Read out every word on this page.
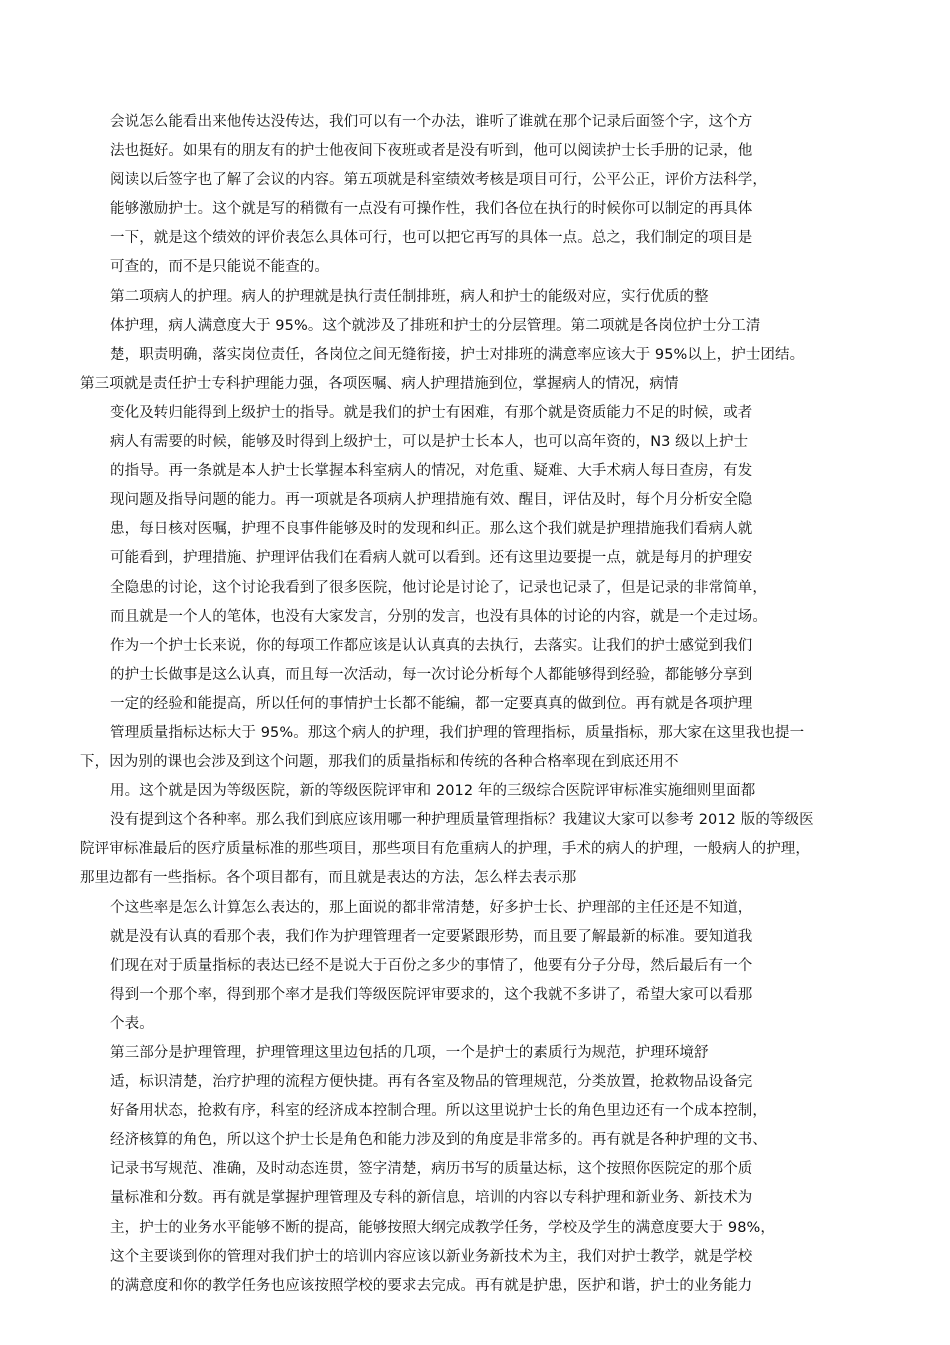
会说怎么能看出来他传达没传达，我们可以有一个办法，谁听了谁就在那个记录后面签个字，这个方
法也挺好。如果有的朋友有的护士他夜间下夜班或者是没有听到，他可以阅读护士长手册的记录，他
阅读以后签字也了解了会议的内容。第五项就是科室绩效考核是项目可行，公平公正，评价方法科学，
能够激励护士。这个就是写的稍微有一点没有可操作性，我们各位在执行的时候你可以制定的再具体
一下，就是这个绩效的评价表怎么具体可行，也可以把它再写的具体一点。总之，我们制定的项目是
可查的，而不是只能说不能查的。
第二项病人的护理。病人的护理就是执行责任制排班，病人和护士的能级对应，实行优质的整
体护理，病人满意度大于 95%。这个就涉及了排班和护士的分层管理。第二项就是各岗位护士分工清
楚，职责明确，落实岗位责任，各岗位之间无缝衔接，护士对排班的满意率应该大于 95%以上，护士团结。
第三项就是责任护士专科护理能力强，各项医嘱、病人护理措施到位，掌握病人的情况，病情
变化及转归能得到上级护士的指导。就是我们的护士有困难，有那个就是资质能力不足的时候，或者
病人有需要的时候，能够及时得到上级护士，可以是护士长本人，也可以高年资的，N3 级以上护士
的指导。再一条就是本人护士长掌握本科室病人的情况，对危重、疑难、大手术病人每日查房，有发
现问题及指导问题的能力。再一项就是各项病人护理措施有效、醒目，评估及时，每个月分析安全隐
患，每日核对医嘱，护理不良事件能够及时的发现和纠正。那么这个我们就是护理措施我们看病人就
可能看到，护理措施、护理评估我们在看病人就可以看到。还有这里边要提一点，就是每月的护理安
全隐患的讨论，这个讨论我看到了很多医院，他讨论是讨论了，记录也记录了，但是记录的非常简单，
而且就是一个人的笔体，也没有大家发言，分别的发言，也没有具体的讨论的内容，就是一个走过场。
作为一个护士长来说，你的每项工作都应该是认认真真的去执行，去落实。让我们的护士感觉到我们
的护士长做事是这么认真，而且每一次活动，每一次讨论分析每个人都能够得到经验，都能够分享到
一定的经验和能提高，所以任何的事情护士长都不能编，都一定要真真的做到位。再有就是各项护理
管理质量指标达标大于 95%。那这个病人的护理，我们护理的管理指标，质量指标，那大家在这里我也提一
下，因为别的课也会涉及到这个问题，那我们的质量指标和传统的各种合格率现在到底还用不
用。这个就是因为等级医院，新的等级医院评审和 2012 年的三级综合医院评审标准实施细则里面都
没有提到这个各种率。那么我们到底应该用哪一种护理质量管理指标？我建议大家可以参考 2012 版的等级医
院评审标准最后的医疗质量标准的那些项目，那些项目有危重病人的护理，手术的病人的护理，一般病人的护理，
那里边都有一些指标。各个项目都有，而且就是表达的方法，怎么样去表示那
个这些率是怎么计算怎么表达的，那上面说的都非常清楚，好多护士长、护理部的主任还是不知道，
就是没有认真的看那个表，我们作为护理管理者一定要紧跟形势，而且要了解最新的标准。要知道我
们现在对于质量指标的表达已经不是说大于百份之多少的事情了，他要有分子分母，然后最后有一个
得到一个那个率，得到那个率才是我们等级医院评审要求的，这个我就不多讲了，希望大家可以看那
个表。
第三部分是护理管理，护理管理这里边包括的几项，一个是护士的素质行为规范，护理环境舒
适，标识清楚，治疗护理的流程方便快捷。再有各室及物品的管理规范，分类放置，抢救物品设备完
好备用状态，抢救有序，科室的经济成本控制合理。所以这里说护士长的角色里边还有一个成本控制，
经济核算的角色，所以这个护士长是角色和能力涉及到的角度是非常多的。再有就是各种护理的文书、
记录书写规范、准确，及时动态连贯，签字清楚，病历书写的质量达标，这个按照你医院定的那个质
量标准和分数。再有就是掌握护理管理及专科的新信息，培训的内容以专科护理和新业务、新技术为
主，护士的业务水平能够不断的提高，能够按照大纲完成教学任务，学校及学生的满意度要大于 98%，
这个主要谈到你的管理对我们护士的培训内容应该以新业务新技术为主，我们对护士教学，就是学校
的满意度和你的教学任务也应该按照学校的要求去完成。再有就是护患，医护和谐，护士的业务能力
